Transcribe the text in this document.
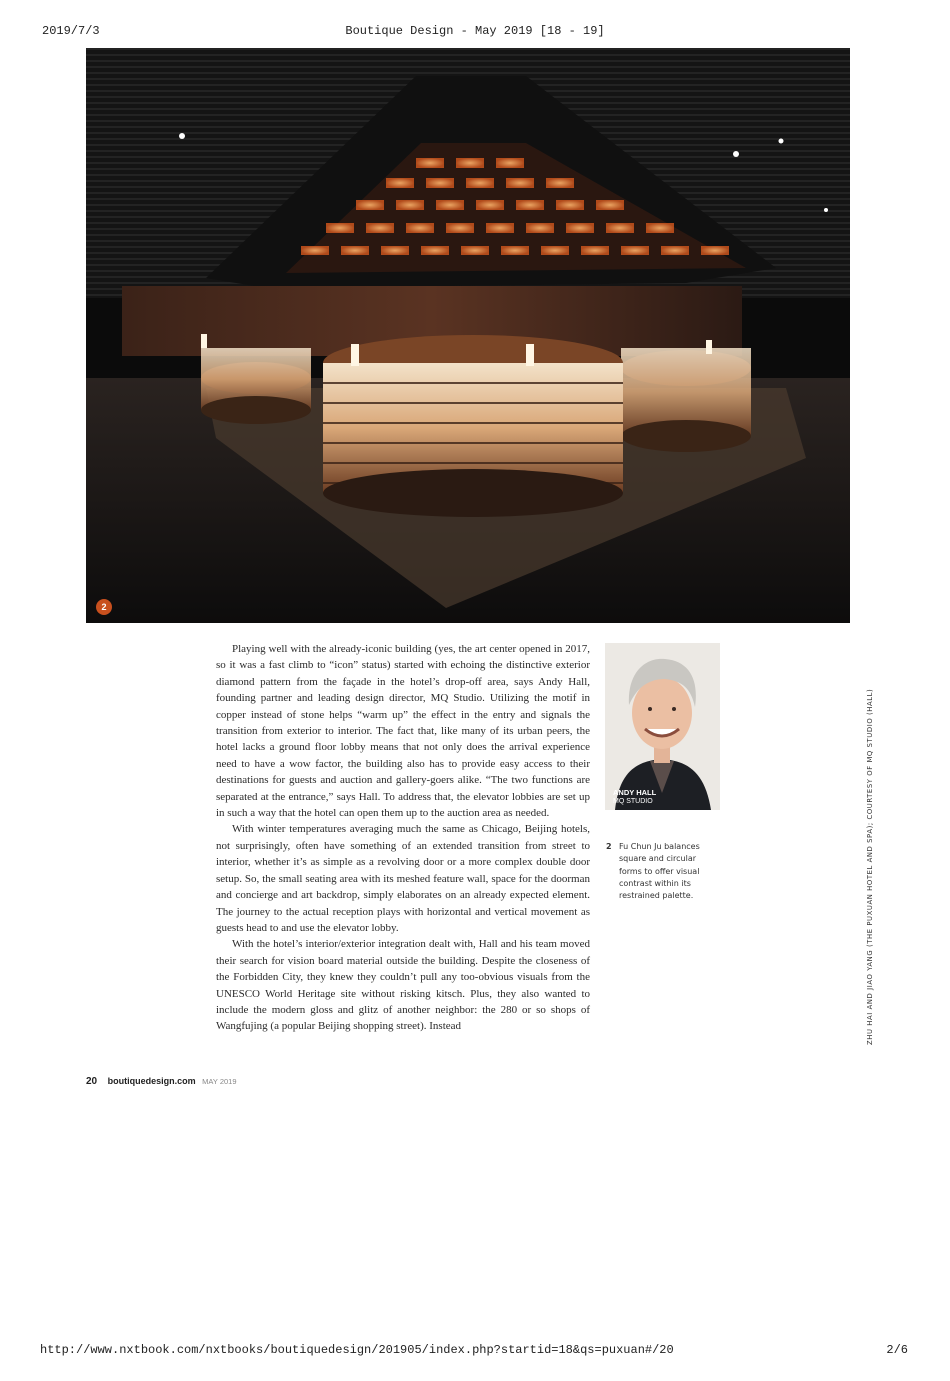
2019/7/3	Boutique Design - May 2019 [18 - 19]
2

Playing well with the already-iconic building (yes, the art center opened in 2017, so it was a fast climb to “icon” status) started with echoing the distinctive exterior diamond pattern from the façade in the hotel’s drop-off area, says Andy Hall, founding partner and leading design director, MQ Studio. Utilizing the motif in copper instead of stone helps “warm up” the effect in the entry and signals the transition from exterior to interior. The fact that, like many of its urban peers, the hotel lacks a ground floor lobby means that not only does the arrival experience need to have a wow factor, the building also has to provide easy access to their destinations for guests and auction and gallery-goers alike. “The two functions are separated at the entrance,” says Hall. To address that, the elevator lobbies are set up in such a way that the hotel can open them up to the auction area as needed.

With winter temperatures averaging much the same as Chicago, Beijing hotels, not surprisingly, often have something of an extended transition from street to interior, whether it’s as simple as a revolving door or a more complex double door setup. So, the small seating area with its meshed feature wall, space for the doorman and concierge and art backdrop, simply elaborates on an already expected element. The journey to the actual reception plays with horizontal and vertical movement as guests head to and use the elevator lobby.

With the hotel’s interior/exterior integration dealt with, Hall and his team moved their search for vision board material outside the building. Despite the closeness of the Forbidden City, they knew they couldn’t pull any too-obvious visuals from the UNESCO World Heritage site without risking kitsch. Plus, they also wanted to include the modern gloss and glitz of another neighbor: the 280 or so shops of Wangfujing (a popular Beijing shopping street). Instead

ANDY HALL
MQ STUDIO
2 Fu Chun Ju balances square and circular forms to offer visual contrast within its restrained palette.	ZHU HAI AND JIAO YANG (THE PUXUAN HOTEL AND SPA); COURTESY OF MQ STUDIO (HALL)
20 boutiquedesign.com MAY 2019
http://www.nxtbook.com/nxtbooks/boutiquedesign/201905/index.php?startid=18&qs=puxuan#/20	2/6
